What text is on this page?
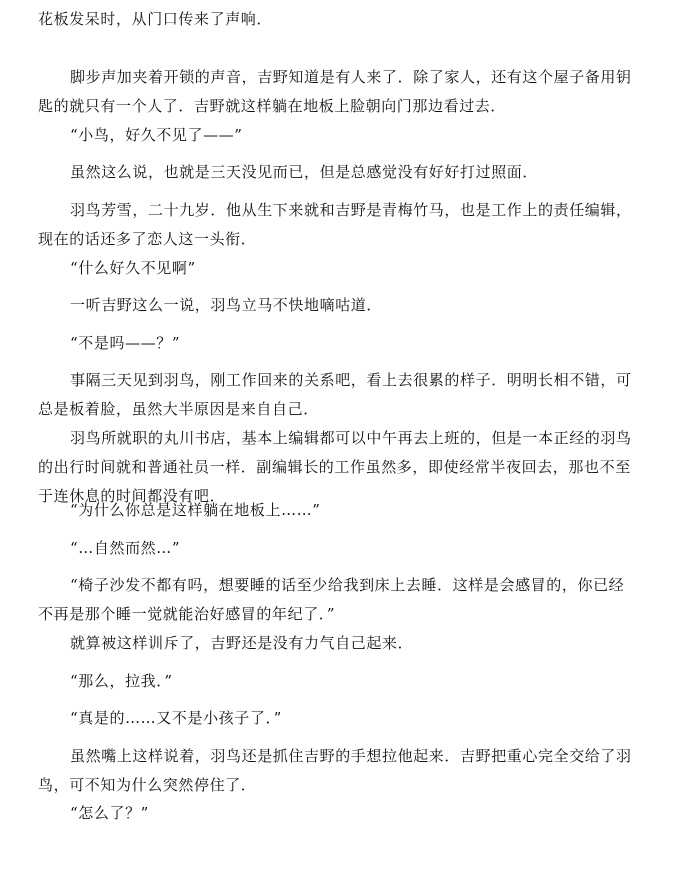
花板发呆时，从门口传来了声响．

脚步声加夹着开锁的声音，吉野知道是有人来了．除了家人，还有这个屋子备用钥匙的就只有一个人了．吉野就这样躺在地板上脸朝向门那边看过去．

“小鸟，好久不见了——”

虽然这么说，也就是三天没见而已，但是总感觉没有好好打过照面．

羽鸟芳雪，二十九岁．他从生下来就和吉野是青梅竹马，也是工作上的责任编辑，现在的话还多了恋人这一头衔．

“什么好久不见啊”

一听吉野这么一说，羽鸟立马不快地嘀咕道．

“不是吗——？”

事隔三天见到羽鸟，刚工作回来的关系吧，看上去很累的样子．明明长相不错，可总是板着脸，虽然大半原因是来自自己．

羽鸟所就职的丸川书店，基本上编辑都可以中午再去上班的，但是一本正经的羽鸟的出行时间就和普通社员一样．副编辑长的工作虽然多，即使经常半夜回去，那也不至于连休息的时间都没有吧．

“为什么你总是这样躺在地板上……”

“…自然而然…”

“椅子沙发不都有吗，想要睡的话至少给我到床上去睡．这样是会感冒的，你已经不再是那个睡一觉就能治好感冒的年纪了．”

就算被这样训斥了，吉野还是没有力气自己起来．

“那么，拉我．”

“真是的……又不是小孩子了．”

虽然嘴上这样说着，羽鸟还是抓住吉野的手想拉他起来．吉野把重心完全交给了羽鸟，可不知为什么突然停住了．

“怎么了？”
